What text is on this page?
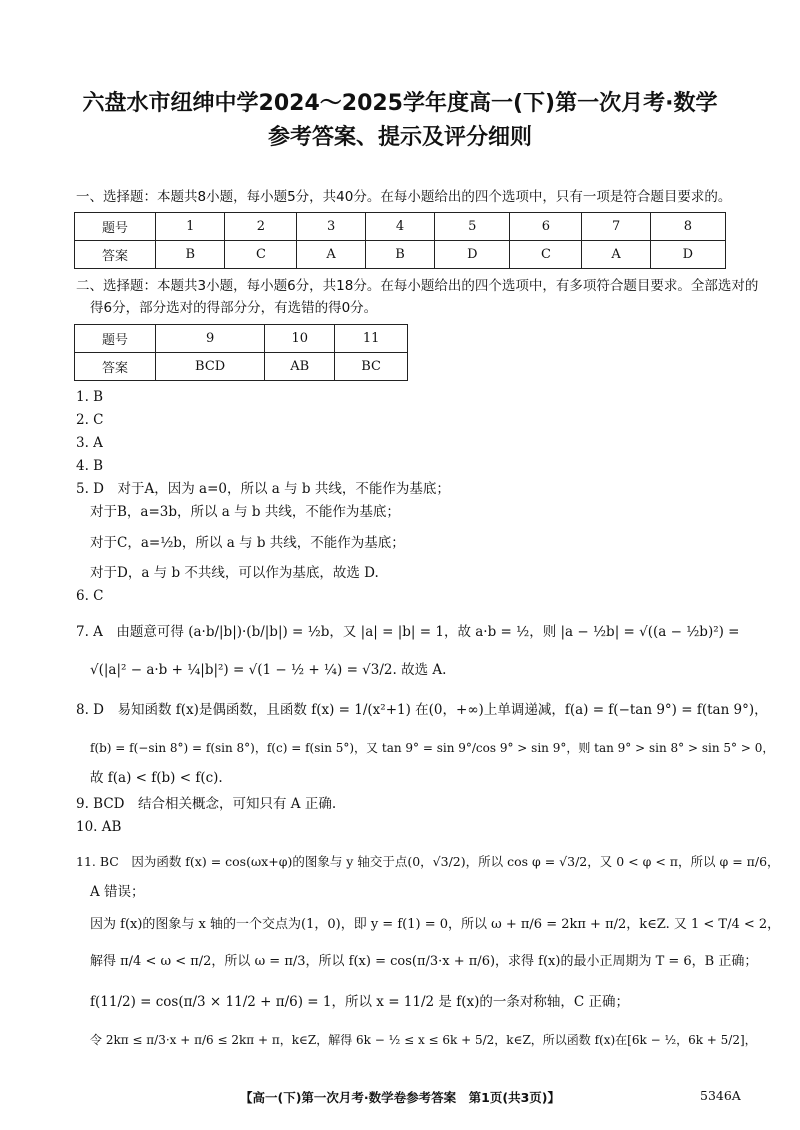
六盘水市纽绅中学2024～2025学年度高一(下)第一次月考·数学
参考答案、提示及评分细则
一、选择题：本题共8小题，每小题5分，共40分。在每小题给出的四个选项中，只有一项是符合题目要求的。
题号	1	2	3	4	5	6	7	8
答案	B	C	A	B	D	C	A	D
二、选择题：本题共3小题，每小题6分，共18分。在每小题给出的四个选项中，有多项符合题目要求。全部选对的
得6分，部分选对的得部分分，有选错的得0分。
题号	9	10	11
答案	BCD	AB	BC
1. B
2. C
3. A
4. B
5. D　对于A，因为 a=0，所以 a 与 b 共线，不能作为基底；
对于B，a=3b，所以 a 与 b 共线，不能作为基底；
对于C，a=½b，所以 a 与 b 共线，不能作为基底；
对于D，a 与 b 不共线，可以作为基底，故选 D.
6. C
7. A　由题意可得 (a·b/|b|)·(b/|b|) = ½b，又 |a| = |b| = 1，故 a·b = ½，则 |a − ½b| = √((a − ½b)²) =
√(|a|² − a·b + ¼|b|²) = √(1 − ½ + ¼) = √3/2. 故选 A.
8. D　易知函数 f(x)是偶函数，且函数 f(x) = 1/(x²+1) 在(0，+∞)上单调递减，f(a) = f(−tan 9°) = f(tan 9°)，
f(b) = f(−sin 8°) = f(sin 8°)，f(c) = f(sin 5°)，又 tan 9° = sin 9°/cos 9° > sin 9°，则 tan 9° > sin 8° > sin 5° > 0，
故 f(a) < f(b) < f(c).
9. BCD　结合相关概念，可知只有 A 正确.
10. AB
11. BC　因为函数 f(x) = cos(ωx+φ)的图象与 y 轴交于点(0，√3/2)，所以 cos φ = √3/2，又 0 < φ < π，所以 φ = π/6，
A 错误；
因为 f(x)的图象与 x 轴的一个交点为(1，0)，即 y = f(1) = 0，所以 ω + π/6 = 2kπ + π/2，k∈Z. 又 1 < T/4 < 2，
解得 π/4 < ω < π/2，所以 ω = π/3，所以 f(x) = cos(π/3·x + π/6)，求得 f(x)的最小正周期为 T = 6，B 正确；
f(11/2) = cos(π/3 × 11/2 + π/6) = 1，所以 x = 11/2 是 f(x)的一条对称轴，C 正确；
令 2kπ ≤ π/3·x + π/6 ≤ 2kπ + π，k∈Z，解得 6k − ½ ≤ x ≤ 6k + 5/2，k∈Z，所以函数 f(x)在[6k − ½，6k + 5/2]，
【高一(下)第一次月考·数学卷参考答案　第1页(共3页)】	5346A
